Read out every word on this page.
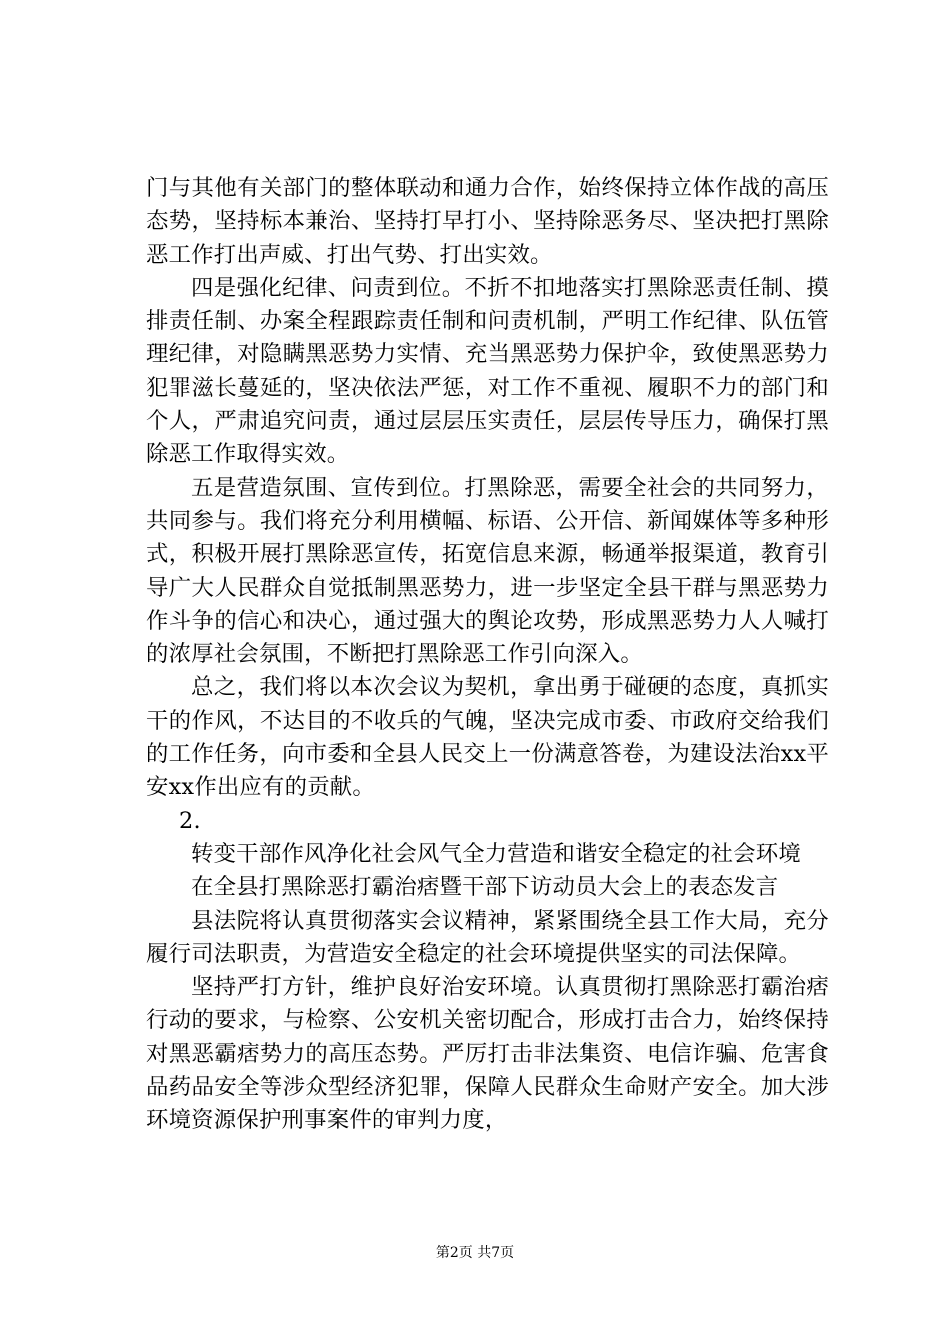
门与其他有关部门的整体联动和通力合作，始终保持立体作战的高压态势，坚持标本兼治、坚持打早打小、坚持除恶务尽、坚决把打黑除恶工作打出声威、打出气势、打出实效。

四是强化纪律、问责到位。不折不扣地落实打黑除恶责任制、摸排责任制、办案全程跟踪责任制和问责机制，严明工作纪律、队伍管理纪律，对隐瞒黑恶势力实情、充当黑恶势力保护伞，致使黑恶势力犯罪滋长蔓延的，坚决依法严惩，对工作不重视、履职不力的部门和个人，严肃追究问责，通过层层压实责任，层层传导压力，确保打黑除恶工作取得实效。

五是营造氛围、宣传到位。打黑除恶，需要全社会的共同努力，共同参与。我们将充分利用横幅、标语、公开信、新闻媒体等多种形式，积极开展打黑除恶宣传，拓宽信息来源，畅通举报渠道，教育引导广大人民群众自觉抵制黑恶势力，进一步坚定全县干群与黑恶势力作斗争的信心和决心，通过强大的舆论攻势，形成黑恶势力人人喊打的浓厚社会氛围，不断把打黑除恶工作引向深入。

总之，我们将以本次会议为契机，拿出勇于碰硬的态度，真抓实干的作风，不达目的不收兵的气魄，坚决完成市委、市政府交给我们的工作任务，向市委和全县人民交上一份满意答卷，为建设法治xx平安xx作出应有的贡献。

2.

转变干部作风净化社会风气全力营造和谐安全稳定的社会环境

在全县打黑除恶打霸治痞暨干部下访动员大会上的表态发言

县法院将认真贯彻落实会议精神，紧紧围绕全县工作大局，充分履行司法职责，为营造安全稳定的社会环境提供坚实的司法保障。

坚持严打方针，维护良好治安环境。认真贯彻打黑除恶打霸治痞行动的要求，与检察、公安机关密切配合，形成打击合力，始终保持对黑恶霸痞势力的高压态势。严厉打击非法集资、电信诈骗、危害食品药品安全等涉众型经济犯罪，保障人民群众生命财产安全。加大涉环境资源保护刑事案件的审判力度，

第2页 共7页
